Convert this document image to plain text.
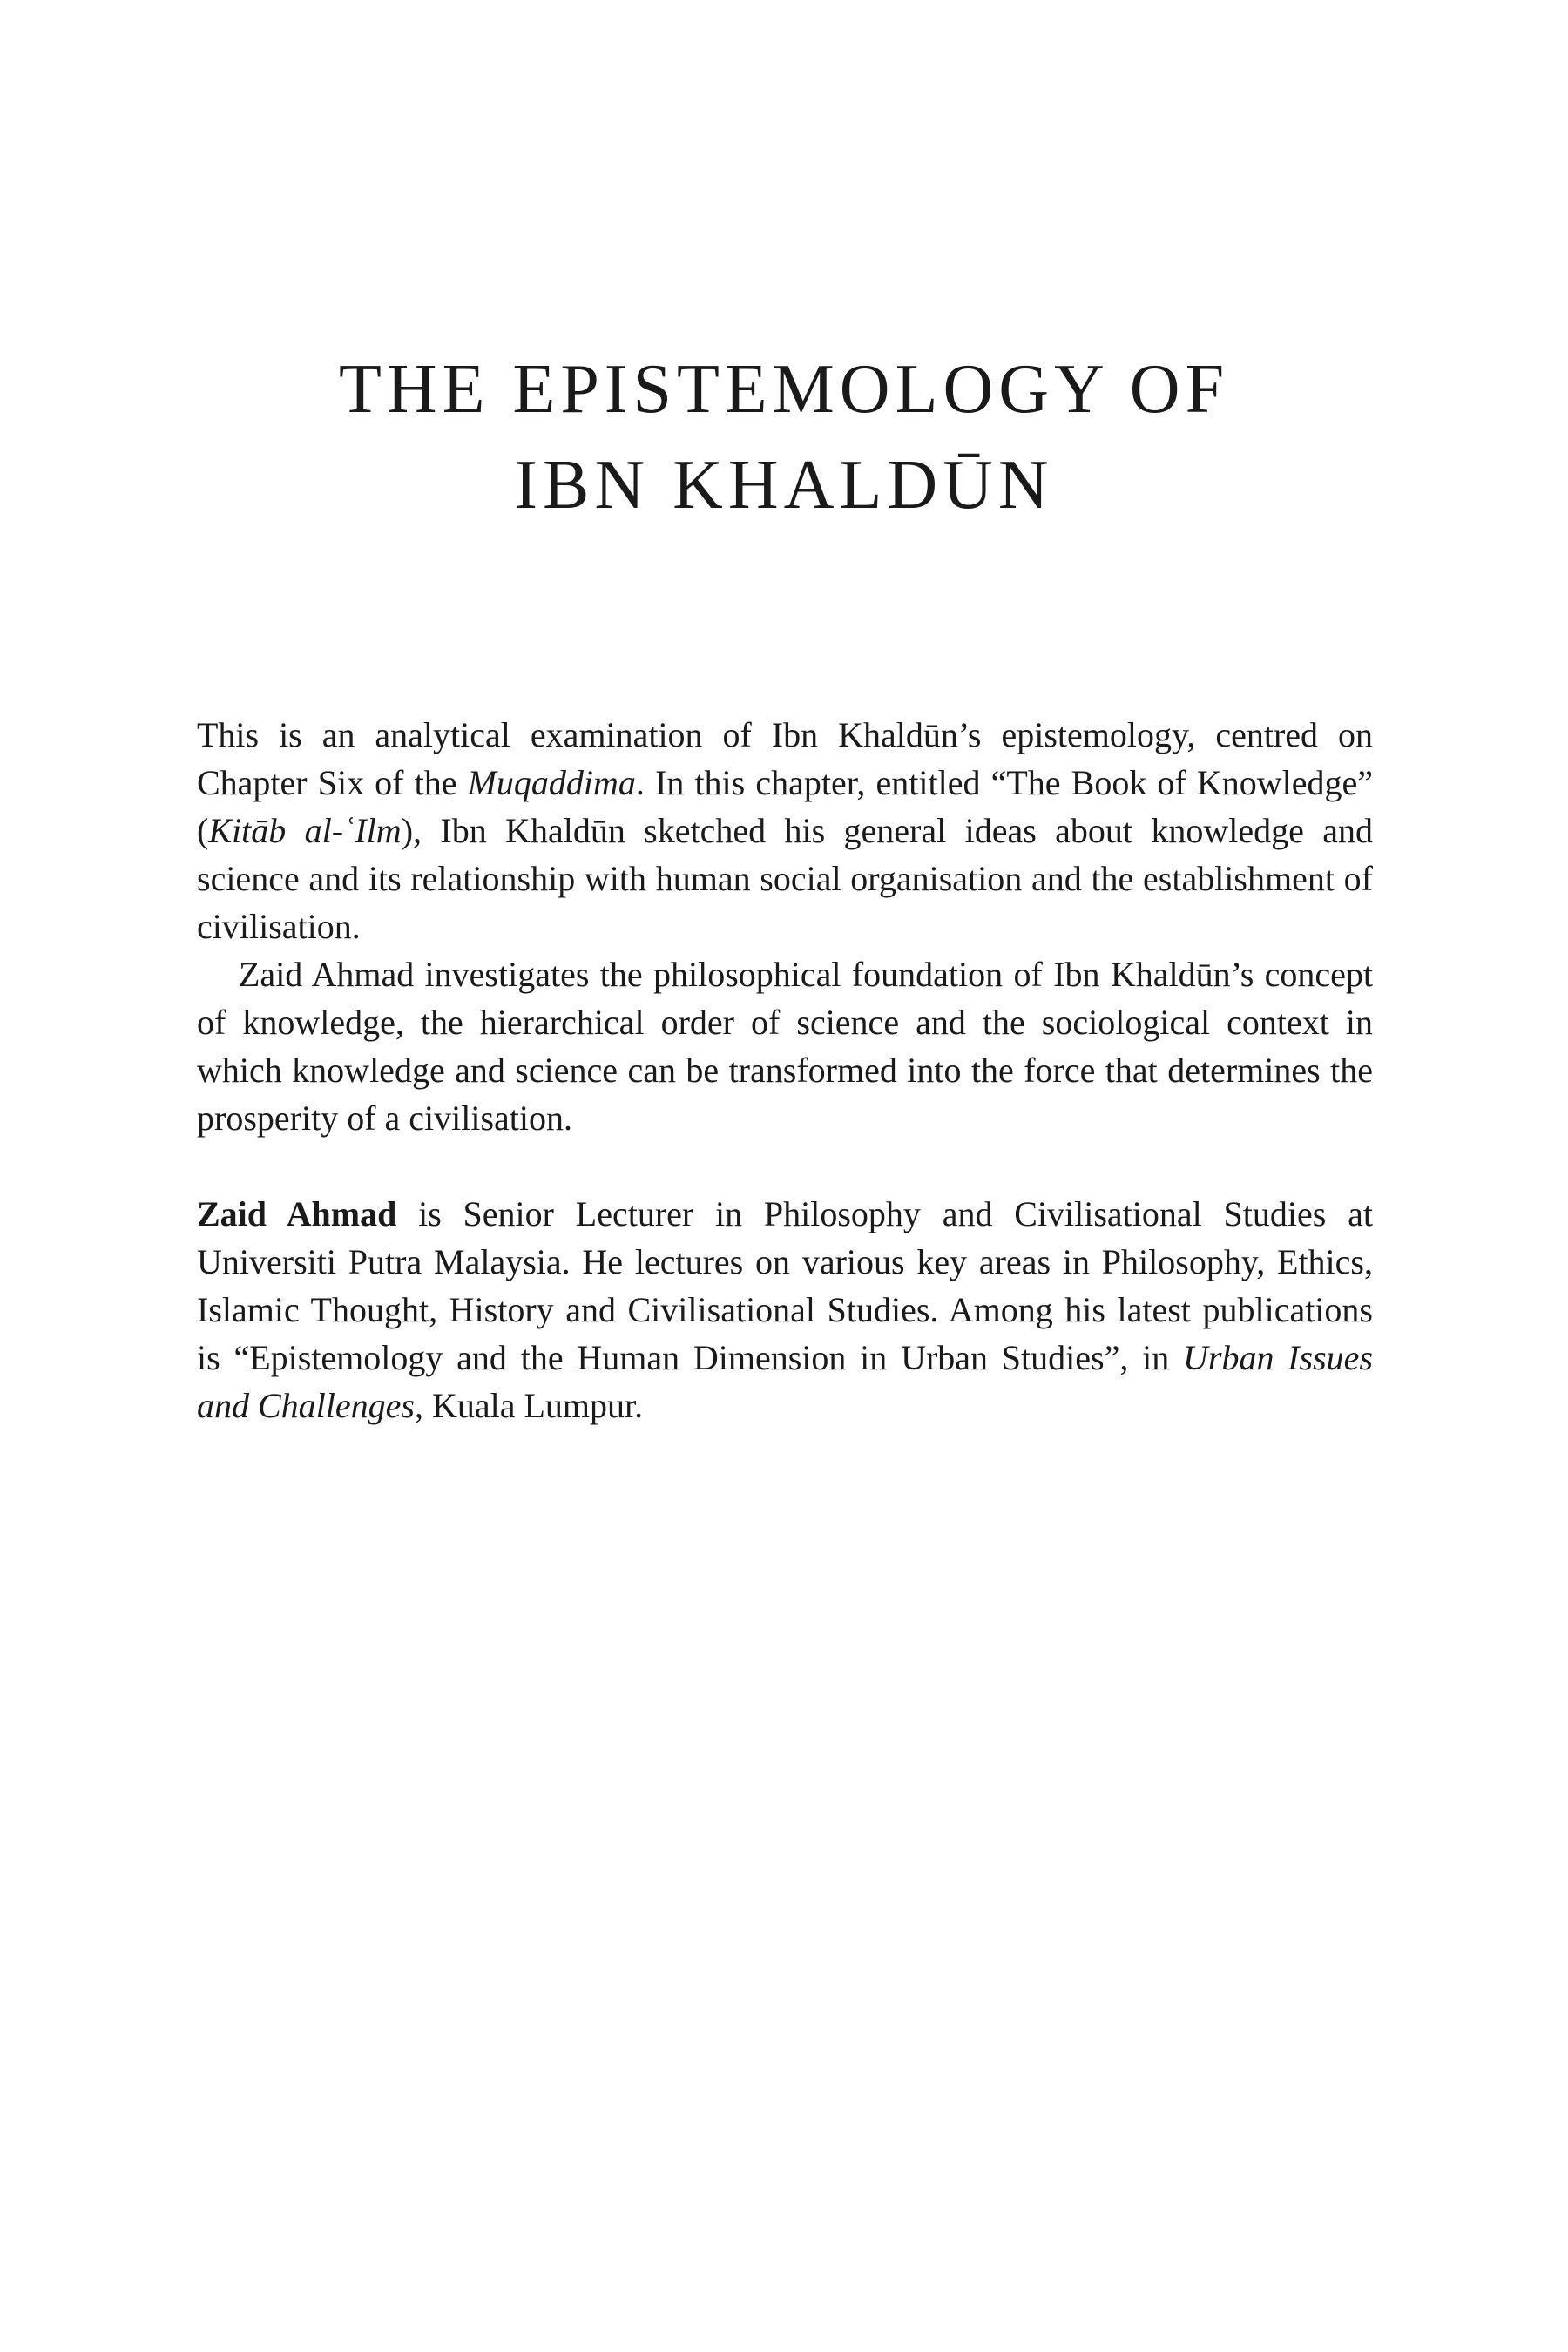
THE EPISTEMOLOGY OF
IBN KHALDŪN

This is an analytical examination of Ibn Khaldūn’s epistemology, centred on Chapter Six of the Muqaddima. In this chapter, entitled “The Book of Knowledge” (Kitāb al-ʿIlm), Ibn Khaldūn sketched his general ideas about knowledge and science and its relationship with human social organisation and the establishment of civilisation.

Zaid Ahmad investigates the philosophical foundation of Ibn Khaldūn’s concept of knowledge, the hierarchical order of science and the sociological context in which knowledge and science can be transformed into the force that determines the prosperity of a civilisation.

Zaid Ahmad is Senior Lecturer in Philosophy and Civilisational Studies at Universiti Putra Malaysia. He lectures on various key areas in Philosophy, Ethics, Islamic Thought, History and Civilisational Studies. Among his latest publications is “Epistemology and the Human Dimension in Urban Studies”, in Urban Issues and Challenges, Kuala Lumpur.
